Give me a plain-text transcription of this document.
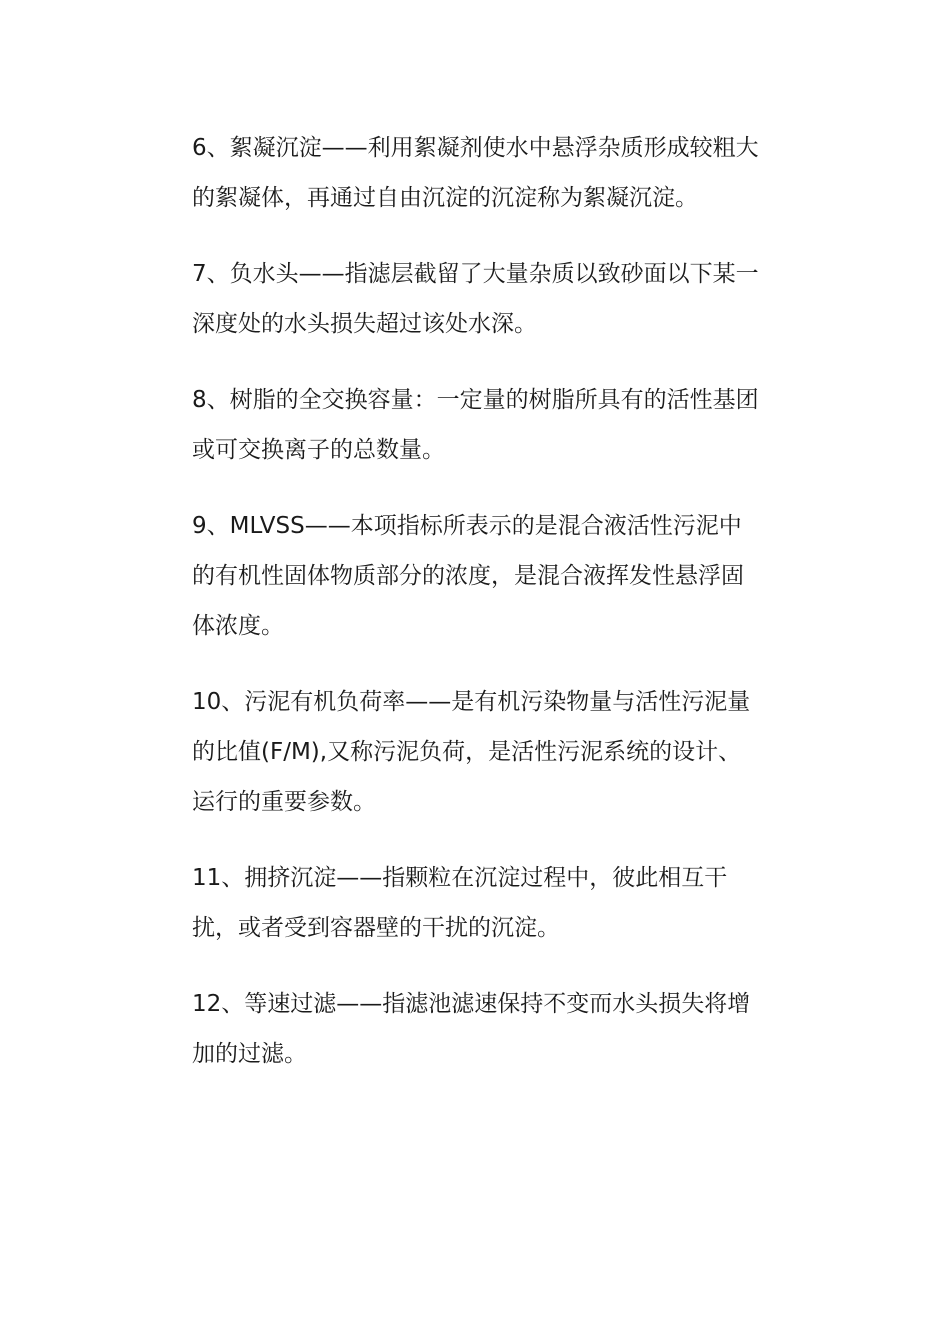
6、絮凝沉淀——利用絮凝剂使水中悬浮杂质形成较粗大的絮凝体，再通过自由沉淀的沉淀称为絮凝沉淀。

7、负水头——指滤层截留了大量杂质以致砂面以下某一深度处的水头损失超过该处水深。

8、树脂的全交换容量：一定量的树脂所具有的活性基团或可交换离子的总数量。

9、MLVSS——本项指标所表示的是混合液活性污泥中的有机性固体物质部分的浓度，是混合液挥发性悬浮固体浓度。

10、污泥有机负荷率——是有机污染物量与活性污泥量的比值(F/M),又称污泥负荷，是活性污泥系统的设计、运行的重要参数。

11、拥挤沉淀——指颗粒在沉淀过程中，彼此相互干扰，或者受到容器壁的干扰的沉淀。

12、等速过滤——指滤池滤速保持不变而水头损失将增加的过滤。
